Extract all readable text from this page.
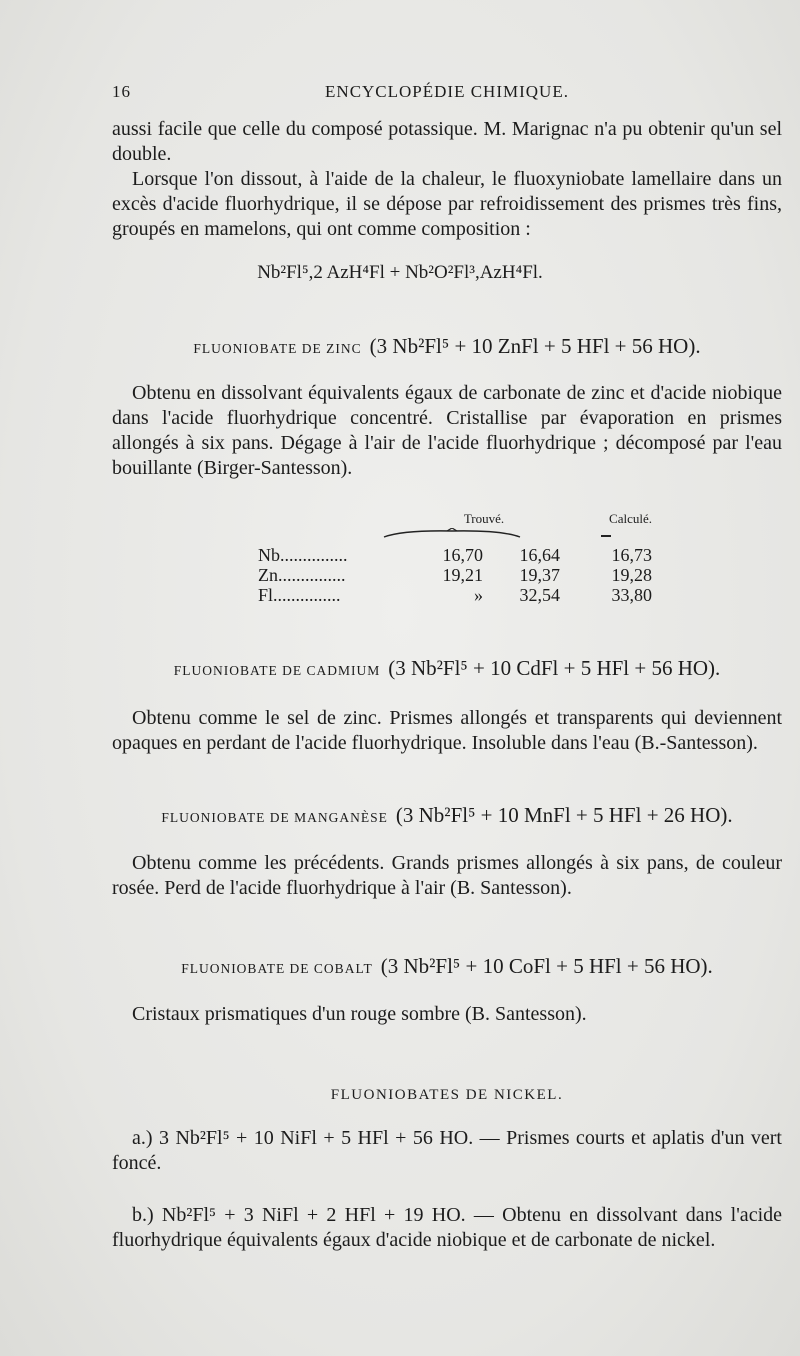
16	ENCYCLOPÉDIE CHIMIQUE.

aussi facile que celle du composé potassique. M. Marignac n'a pu obtenir qu'un sel double.

Lorsque l'on dissout, à l'aide de la chaleur, le fluoxyniobate lamellaire dans un excès d'acide fluorhydrique, il se dépose par refroidissement des prismes très fins, groupés en mamelons, qui ont comme composition :

Nb²Fl⁵,2 AzH⁴Fl + Nb²O²Fl³,AzH⁴Fl.
FLUONIOBATE DE ZINC (3 Nb²Fl⁵ + 10 ZnFl + 5 HFl + 56 HO).

Obtenu en dissolvant équivalents égaux de carbonate de zinc et d'acide niobique dans l'acide fluorhydrique concentré. Cristallise par évaporation en prismes allongés à six pans. Dégage à l'air de l'acide fluorhydrique ; décomposé par l'eau bouillante (Birger-Santesson).

	Trouvé.		Calculé.

Nb...............	16,70	16,64	16,73
Zn...............	19,21	19,37	19,28
Fl...............	»	32,54	33,80
FLUONIOBATE DE CADMIUM (3 Nb²Fl⁵ + 10 CdFl + 5 HFl + 56 HO).

Obtenu comme le sel de zinc. Prismes allongés et transparents qui deviennent opaques en perdant de l'acide fluorhydrique. Insoluble dans l'eau (B.-Santesson).

FLUONIOBATE DE MANGANÈSE (3 Nb²Fl⁵ + 10 MnFl + 5 HFl + 26 HO).

Obtenu comme les précédents. Grands prismes allongés à six pans, de couleur rosée. Perd de l'acide fluorhydrique à l'air (B. Santesson).

FLUONIOBATE DE COBALT (3 Nb²Fl⁵ + 10 CoFl + 5 HFl + 56 HO).

Cristaux prismatiques d'un rouge sombre (B. Santesson).

FLUONIOBATES DE NICKEL.

a.) 3 Nb²Fl⁵ + 10 NiFl + 5 HFl + 56 HO. — Prismes courts et aplatis d'un vert foncé.

b.) Nb²Fl⁵ + 3 NiFl + 2 HFl + 19 HO. — Obtenu en dissolvant dans l'acide fluorhydrique équivalents égaux d'acide niobique et de carbonate de nickel.
